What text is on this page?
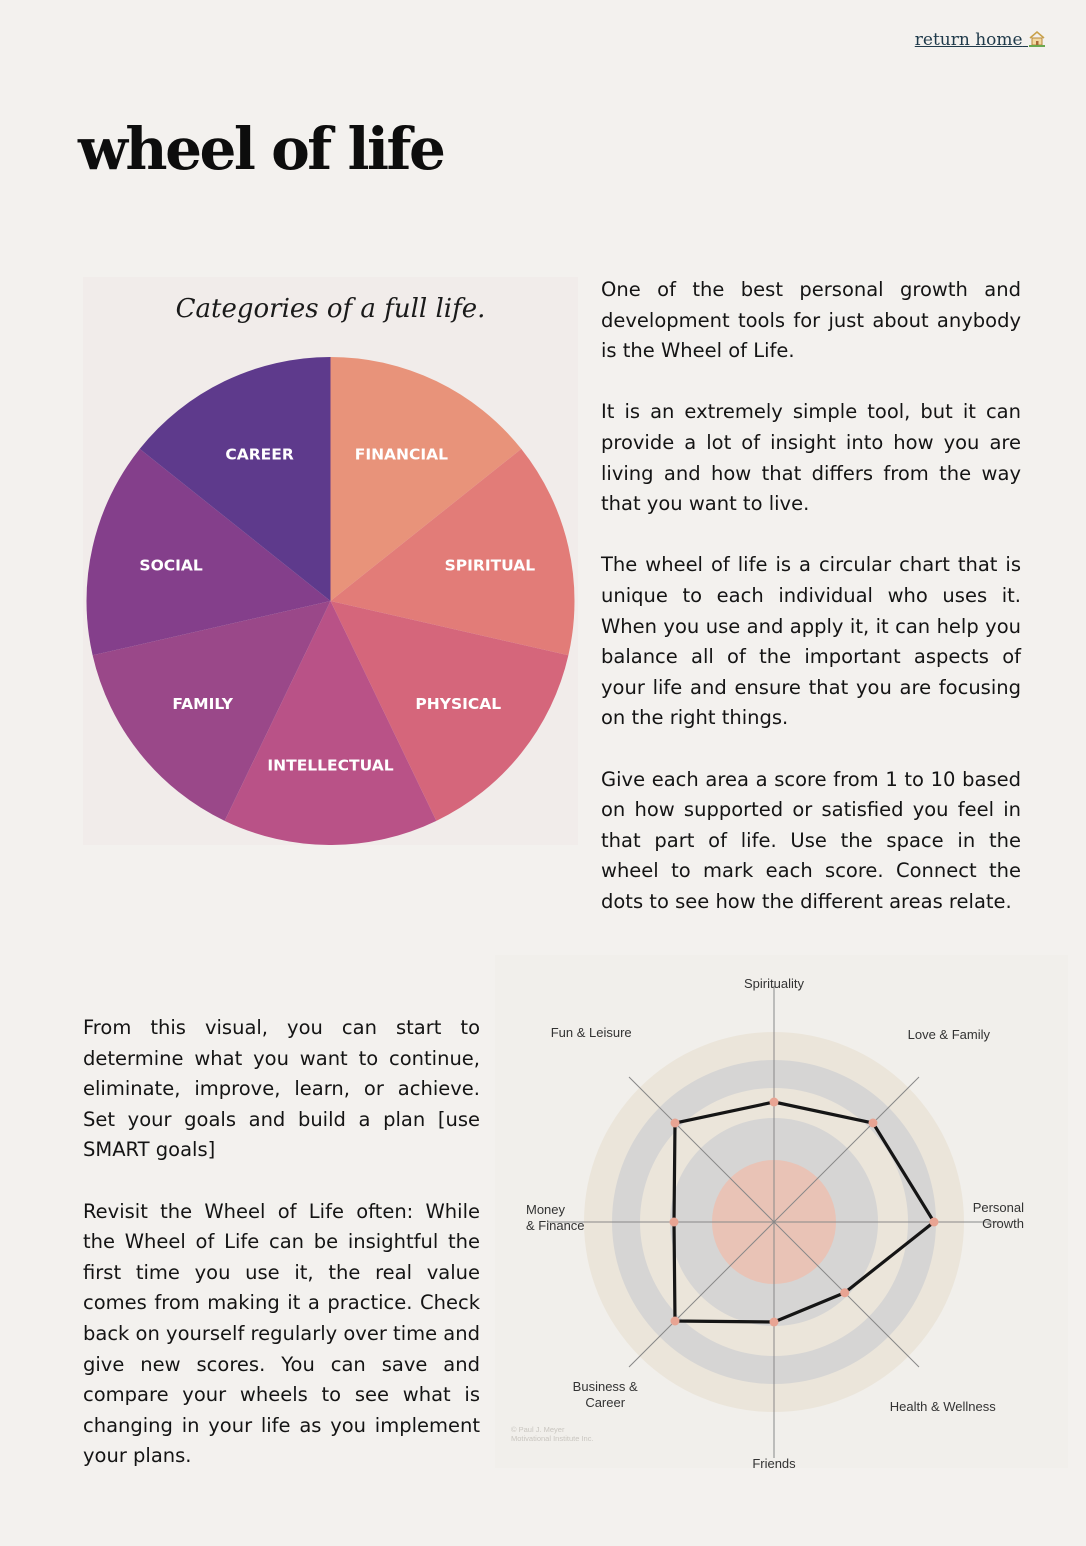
return home
wheel of life
Categories of a full life.
FINANCIAL
SPIRITUAL
PHYSICAL
INTELLECTUAL
FAMILY
SOCIAL
CAREER

One of the best personal growth and development tools for just about anybody is the Wheel of Life.

It is an extremely simple tool, but it can provide a lot of insight into how you are living and how that differs from the way that you want to live.

The wheel of life is a circular chart that is unique to each individual who uses it. When you use and apply it, it can help you balance all of the important aspects of your life and ensure that you are focusing on the right things.

Give each area a score from 1 to 10 based on how supported or satisfied you feel in that part of life. Use the space in the wheel to mark each score. Connect the dots to see how the different areas relate.

From this visual, you can start to determine what you want to continue, eliminate, improve, learn, or achieve. Set your goals and build a plan [use SMART goals]

Revisit the Wheel of Life often: While the Wheel of Life can be insightful the first time you use it, the real value comes from making it a practice. Check back on yourself regularly over time and give new scores. You can save and compare your wheels to see what is changing in your life as you implement your plans.

Spirituality
Love & Family
Personal Growth
Health & Wellness
Friends
Business & Career
Money & Finance
Fun & Leisure
© Paul J. Meyer
Motivational Institute Inc.
